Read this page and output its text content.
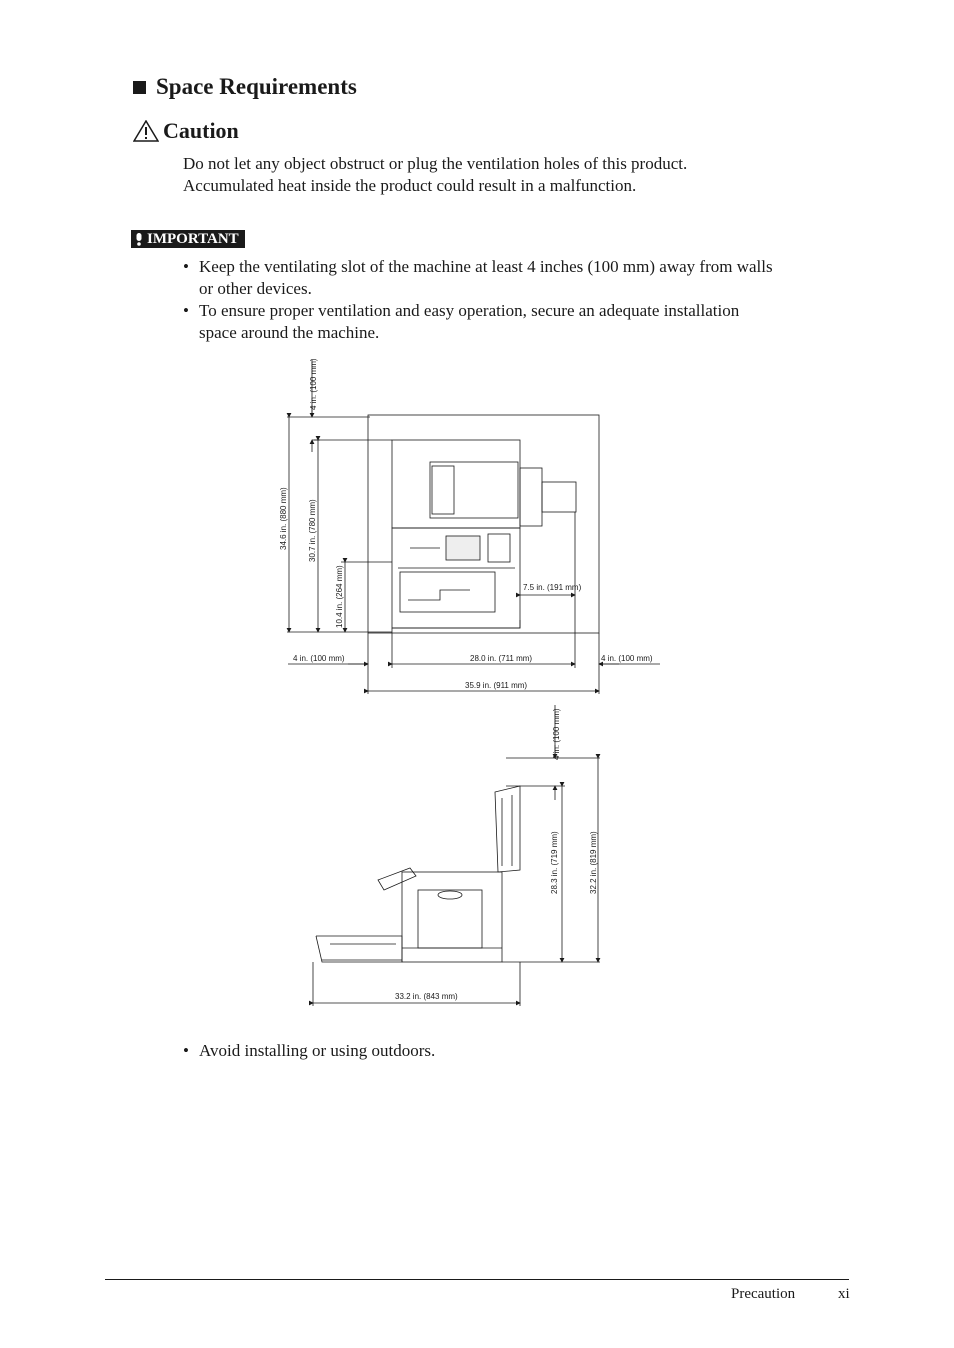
Space Requirements
Caution
Do not let any object obstruct or plug the ventilation holes of this product.
Accumulated heat inside the product could result in a malfunction.
IMPORTANT
• Keep the ventilating slot of the machine at least 4 inches (100 mm) away from walls
or other devices.
• To ensure proper ventilation and easy operation, secure an adequate installation
space around the machine.
4 in. (100 mm)
34.6 in. (880 mm)	30.7 in. (780 mm)
10.4 in. (264 mm)	7.5 in. (191 mm)
4 in. (100 mm)	28.0 in. (711 mm)	4 in. (100 mm)
35.9 in. (911 mm)
4 in. (100 mm)
28.3 in. (719 mm)	32.2 in. (819 mm)
33.2 in. (843 mm)
• Avoid installing or using outdoors.
Precaution	xi
